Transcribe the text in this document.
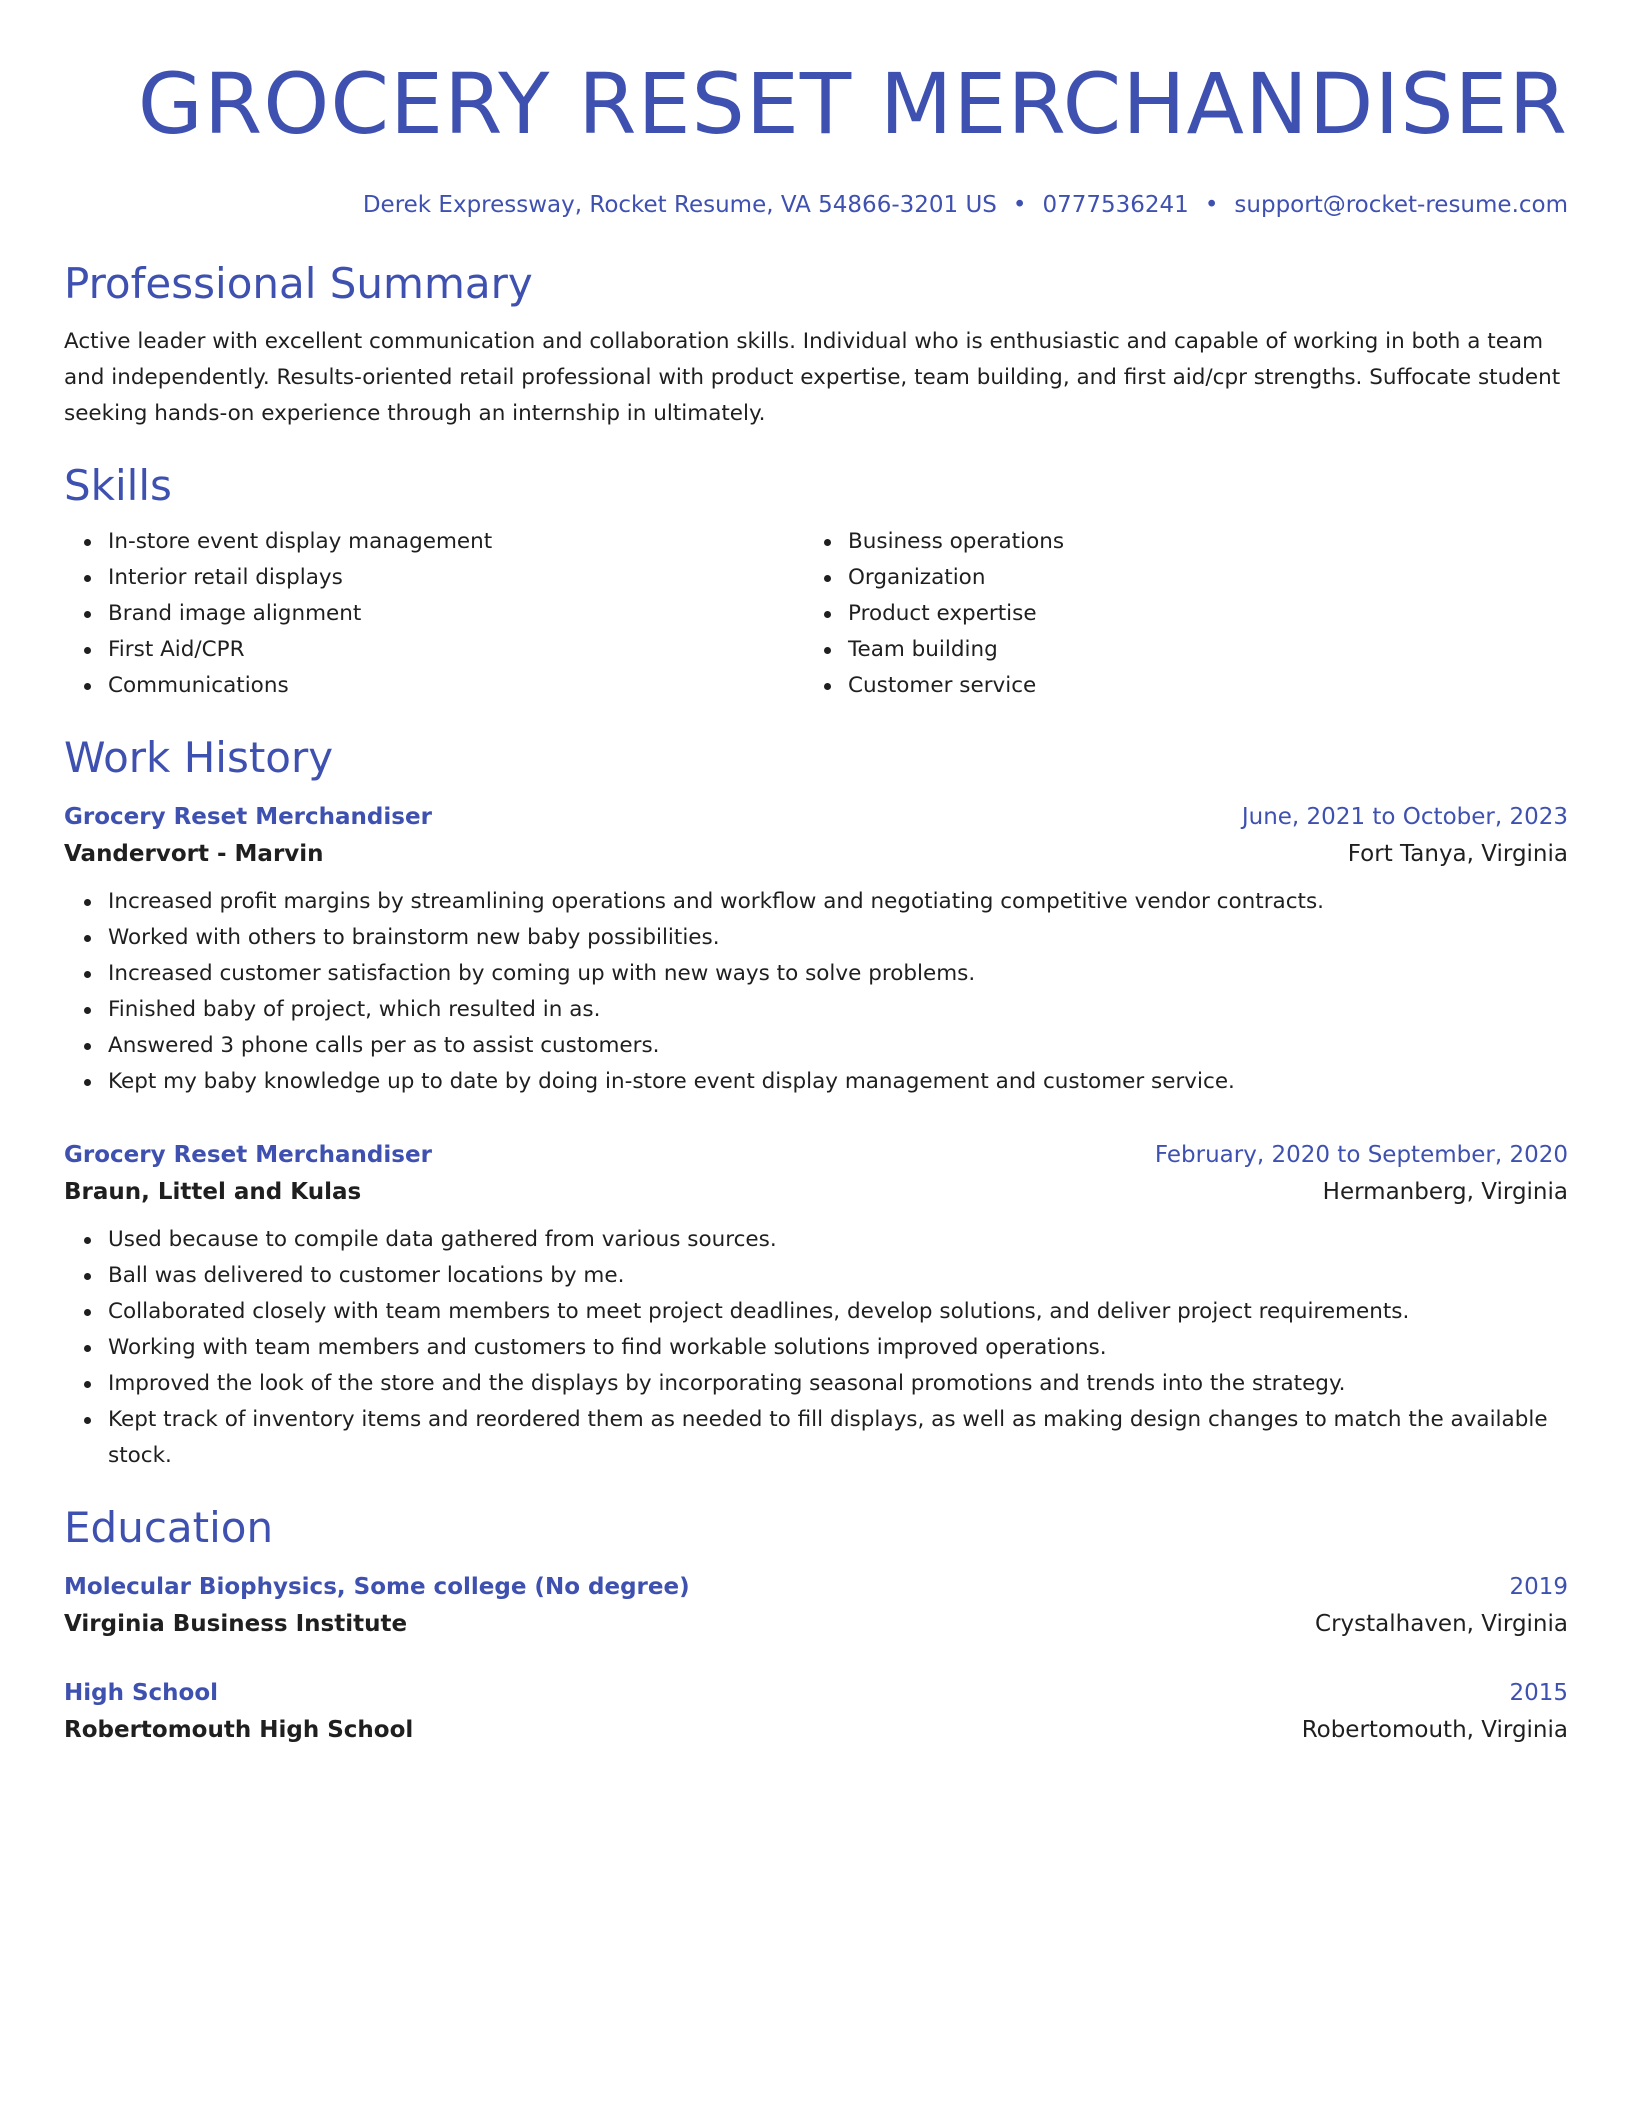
GROCERY RESET MERCHANDISER
Derek Expressway, Rocket Resume, VA 54866-3201 US • 0777536241 • support@rocket-resume.com
Professional Summary
Active leader with excellent communication and collaboration skills. Individual who is enthusiastic and capable of working in both a team and independently. Results-oriented retail professional with product expertise, team building, and first aid/cpr strengths. Suffocate student seeking hands-on experience through an internship in ultimately.
Skills
In-store event display management
Interior retail displays
Brand image alignment
First Aid/CPR
Communications
Business operations
Organization
Product expertise
Team building
Customer service
Work History
Grocery Reset Merchandiser	June, 2021 to October, 2023
Vandervort - Marvin	Fort Tanya, Virginia
Increased profit margins by streamlining operations and workflow and negotiating competitive vendor contracts.
Worked with others to brainstorm new baby possibilities.
Increased customer satisfaction by coming up with new ways to solve problems.
Finished baby of project, which resulted in as.
Answered 3 phone calls per as to assist customers.
Kept my baby knowledge up to date by doing in-store event display management and customer service.
Grocery Reset Merchandiser	February, 2020 to September, 2020
Braun, Littel and Kulas	Hermanberg, Virginia
Used because to compile data gathered from various sources.
Ball was delivered to customer locations by me.
Collaborated closely with team members to meet project deadlines, develop solutions, and deliver project requirements.
Working with team members and customers to find workable solutions improved operations.
Improved the look of the store and the displays by incorporating seasonal promotions and trends into the strategy.
Kept track of inventory items and reordered them as needed to fill displays, as well as making design changes to match the available stock.
Education
Molecular Biophysics, Some college (No degree)	2019
Virginia Business Institute	Crystalhaven, Virginia
High School	2015
Robertomouth High School	Robertomouth, Virginia
